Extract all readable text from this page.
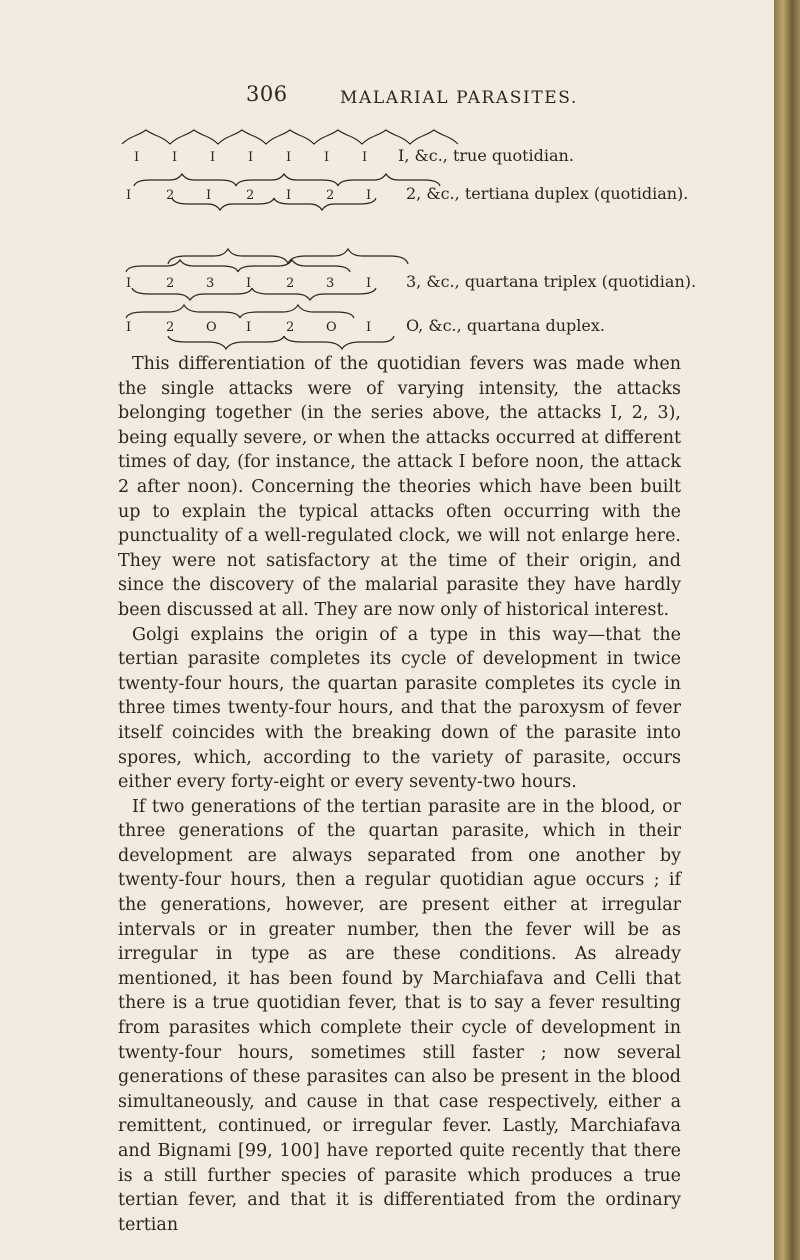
306	MALARIAL PARASITES.
I	I	I	I	I	I	I I, &c., true quotidian.
I	2 I	2 I	2 I 2, &c., tertiana duplex (quotidian).
I	2 3 I	2 3 I 3, &c., quartana triplex (quotidian).
I	2 O I	2 O I O, &c., quartana duplex.

This differentiation of the quotidian fevers was made when the single attacks were of varying intensity, the attacks belonging together (in the series above, the attacks I, 2, 3), being equally severe, or when the attacks occurred at different times of day, (for instance, the attack I before noon, the attack 2 after noon). Concerning the theories which have been built up to explain the typical attacks often occurring with the punctuality of a well-regulated clock, we will not enlarge here. They were not satisfactory at the time of their origin, and since the discovery of the malarial parasite they have hardly been discussed at all. They are now only of historical interest.

Golgi explains the origin of a type in this way—that the tertian parasite completes its cycle of development in twice twenty-four hours, the quartan parasite completes its cycle in three times twenty-four hours, and that the paroxysm of fever itself coincides with the breaking down of the parasite into spores, which, according to the variety of parasite, occurs either every forty-eight or every seventy-two hours.

If two generations of the tertian parasite are in the blood, or three generations of the quartan parasite, which in their development are always separated from one another by twenty-four hours, then a regular quotidian ague occurs ; if the generations, however, are present either at irregular intervals or in greater number, then the fever will be as irregular in type as are these conditions. As already mentioned, it has been found by Marchiafava and Celli that there is a true quotidian fever, that is to say a fever resulting from parasites which complete their cycle of development in twenty-four hours, sometimes still faster ; now several generations of these parasites can also be present in the blood simultaneously, and cause in that case respectively, either a remittent, continued, or irregular fever. Lastly, Marchiafava and Bignami [99, 100] have reported quite recently that there is a still further species of parasite which produces a true tertian fever, and that it is differentiated from the ordinary tertian
